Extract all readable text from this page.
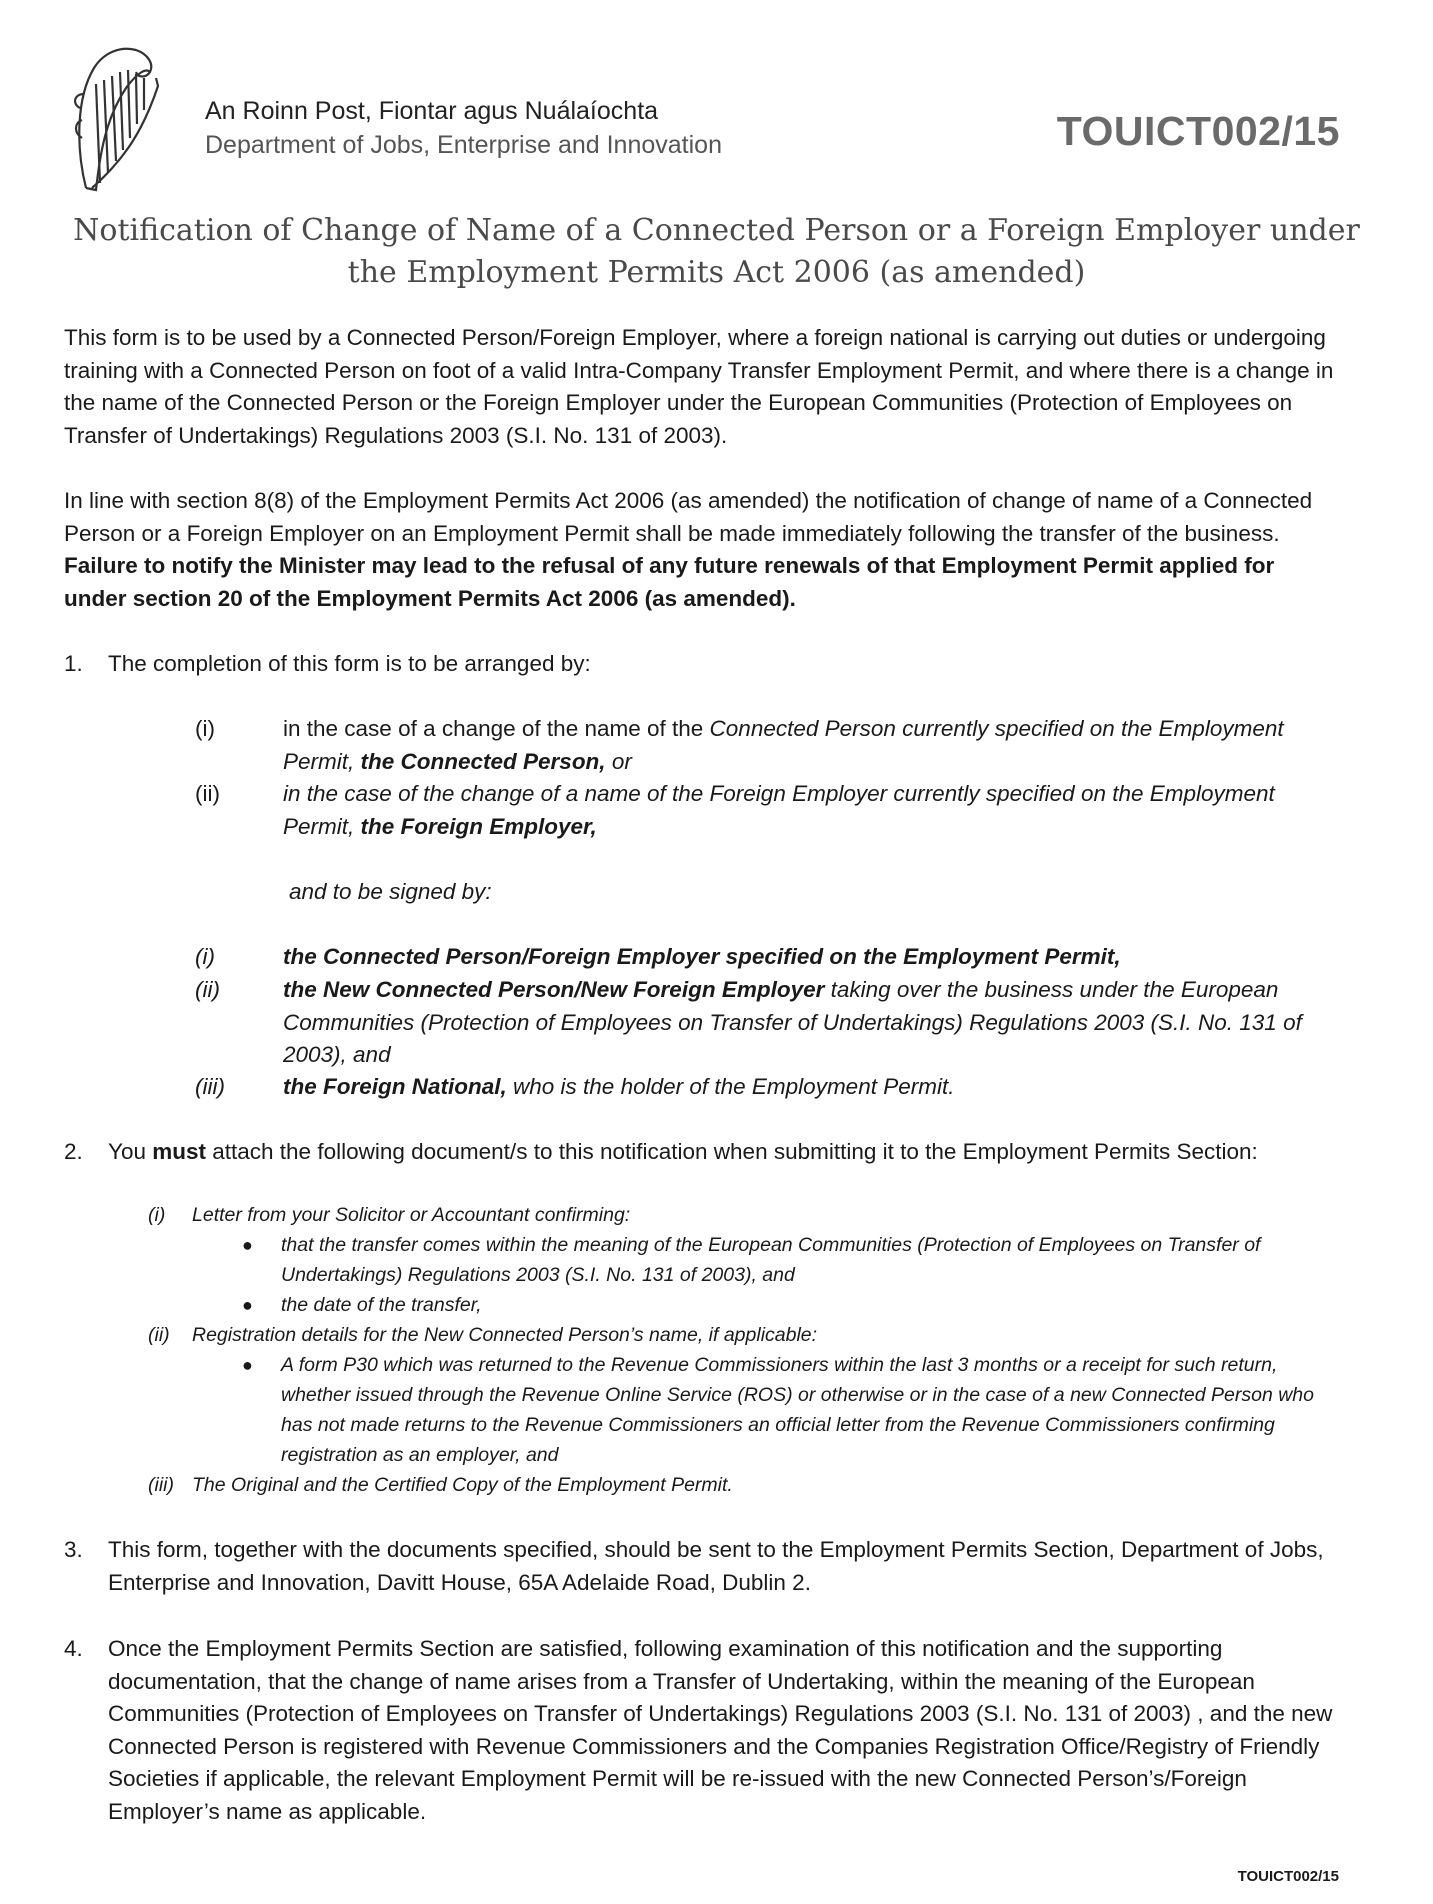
An Roinn Post, Fiontar agus Nuálaíochta
Department of Jobs, Enterprise and Innovation	TOUICT002/15
Notification of Change of Name of a Connected Person or a Foreign Employer under
the Employment Permits Act 2006 (as amended)
This form is to be used by a Connected Person/Foreign Employer, where a foreign national is carrying out duties or undergoing training with a Connected Person on foot of a valid Intra-Company Transfer Employment Permit, and where there is a change in the name of the Connected Person or the Foreign Employer under the European Communities (Protection of Employees on Transfer of Undertakings) Regulations 2003 (S.I. No. 131 of 2003).
In line with section 8(8) of the Employment Permits Act 2006 (as amended) the notification of change of name of a Connected Person or a Foreign Employer on an Employment Permit shall be made immediately following the transfer of the business. Failure to notify the Minister may lead to the refusal of any future renewals of that Employment Permit applied for under section 20 of the Employment Permits Act 2006 (as amended).
1. The completion of this form is to be arranged by:
(i)	in the case of a change of the name of the Connected Person currently specified on the Employment Permit, the Connected Person, or
(ii)	in the case of the change of a name of the Foreign Employer currently specified on the Employment Permit, the Foreign Employer,
and to be signed by:
(i)	the Connected Person/Foreign Employer specified on the Employment Permit,
(ii)	the New Connected Person/New Foreign Employer taking over the business under the European Communities (Protection of Employees on Transfer of Undertakings) Regulations 2003 (S.I. No. 131 of 2003), and
(iii)	the Foreign National, who is the holder of the Employment Permit.
2. You must attach the following document/s to this notification when submitting it to the Employment Permits Section:
(i) Letter from your Solicitor or Accountant confirming:
● that the transfer comes within the meaning of the European Communities (Protection of Employees on Transfer of Undertakings) Regulations 2003 (S.I. No. 131 of 2003), and
● the date of the transfer,
(ii) Registration details for the New Connected Person’s name, if applicable:
● A form P30 which was returned to the Revenue Commissioners within the last 3 months or a receipt for such return, whether issued through the Revenue Online Service (ROS) or otherwise or in the case of a new Connected Person who has not made returns to the Revenue Commissioners an official letter from the Revenue Commissioners confirming registration as an employer, and
(iii) The Original and the Certified Copy of the Employment Permit.
3. This form, together with the documents specified, should be sent to the Employment Permits Section, Department of Jobs, Enterprise and Innovation, Davitt House, 65A Adelaide Road, Dublin 2.
4. Once the Employment Permits Section are satisfied, following examination of this notification and the supporting documentation, that the change of name arises from a Transfer of Undertaking, within the meaning of the European Communities (Protection of Employees on Transfer of Undertakings) Regulations 2003 (S.I. No. 131 of 2003) , and the new Connected Person is registered with Revenue Commissioners and the Companies Registration Office/Registry of Friendly Societies if applicable, the relevant Employment Permit will be re-issued with the new Connected Person’s/Foreign Employer’s name as applicable.
TOUICT002/15
